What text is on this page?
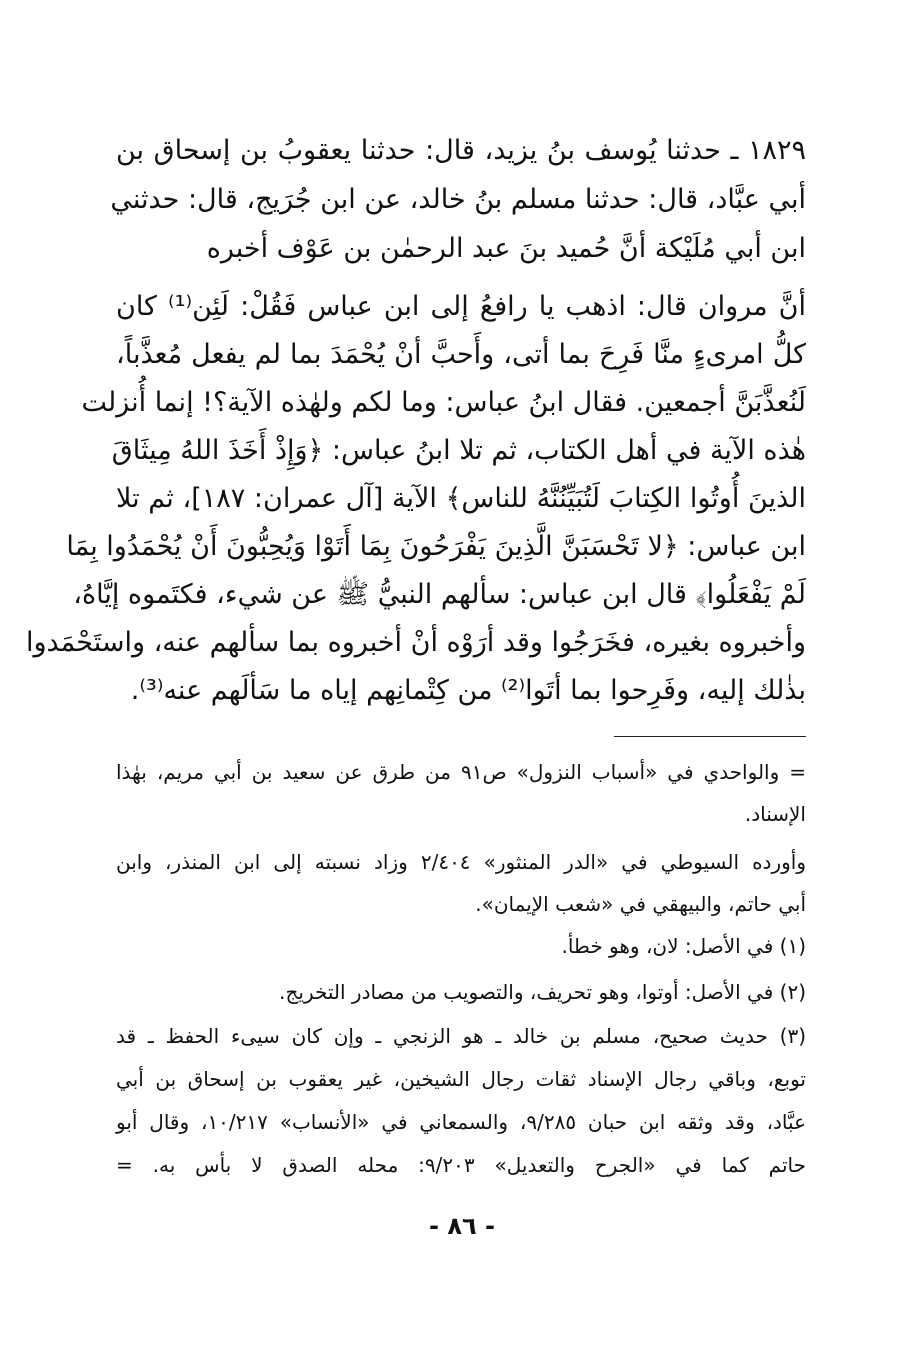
١٨٢٩ ـ حدثنا يُوسف بنُ يزيد، قال: حدثنا يعقوبُ بن إسحاق بن
أبي عبَّاد، قال: حدثنا مسلم بنُ خالد، عن ابن جُرَيج، قال: حدثني
ابن أبي مُلَيْكة أنَّ حُميد بنَ عبد الرحمٰن بن عَوْف أخبره
أنَّ مروان قال: اذهب يا رافعُ إلى ابن عباس فَقُلْ: لَئِن⁽¹⁾ كان
كلُّ امرىءٍ منَّا فَرِحَ بما أتى، وأَحبَّ أنْ يُحْمَدَ بما لم يفعل مُعذَّباً،
لَنُعذَّبَنَّ أجمعين. فقال ابنُ عباس: وما لكم ولهٰذه الآية؟! إنما أُنزلت
هٰذه الآية في أهل الكتاب، ثم تلا ابنُ عباس: ﴿وَإِذْ أَخَذَ اللهُ مِيثَاقَ
الذينَ أُوتُوا الكِتابَ لَتُبَيِّنُنَّهُ للناس﴾ الآية [آل عمران: ١٨٧]، ثم تلا
ابن عباس: ﴿لا تَحْسَبَنَّ الَّذِينَ يَفْرَحُونَ بِمَا أَتَوْا وَيُحِبُّونَ أَنْ يُحْمَدُوا بِمَا
لَمْ يَفْعَلُوا﴾ قال ابن عباس: سألهم النبيُّ ﷺ عن شيء، فكتَموه إيَّاهُ،
وأخبروه بغيره، فخَرَجُوا وقد أرَوْه أنْ أخبروه بما سألهم عنه، واستَحْمَدوا
بذٰلك إليه، وفَرِحوا بما أتَوا⁽²⁾ من كِتْمانِهم إياه ما سَألَهم عنه⁽³⁾.
= والواحدي في «أسباب النزول» ص٩١ من طرق عن سعيد بن أبي مريم، بهٰذا
الإسناد.
وأورده السيوطي في «الدر المنثور» ٢/٤٠٤ وزاد نسبته إلى ابن المنذر، وابن
أبي حاتم، والبيهقي في «شعب الإيمان».
(١) في الأصل: لان، وهو خطأ.
(٢) في الأصل: أوتوا، وهو تحريف، والتصويب من مصادر التخريج.
(٣) حديث صحيح، مسلم بن خالد ـ هو الزنجي ـ وإن كان سيىء الحفظ ـ قد
توبع، وباقي رجال الإسناد ثقات رجال الشيخين، غير يعقوب بن إسحاق بن أبي
عبَّاد، وقد وثقه ابن حبان ٩/٢٨٥، والسمعاني في «الأنساب» ١٠/٢١٧، وقال أبو
حاتم كما في «الجرح والتعديل» ٩/٢٠٣: محله الصدق لا بأس به. =
- ٨٦ -
